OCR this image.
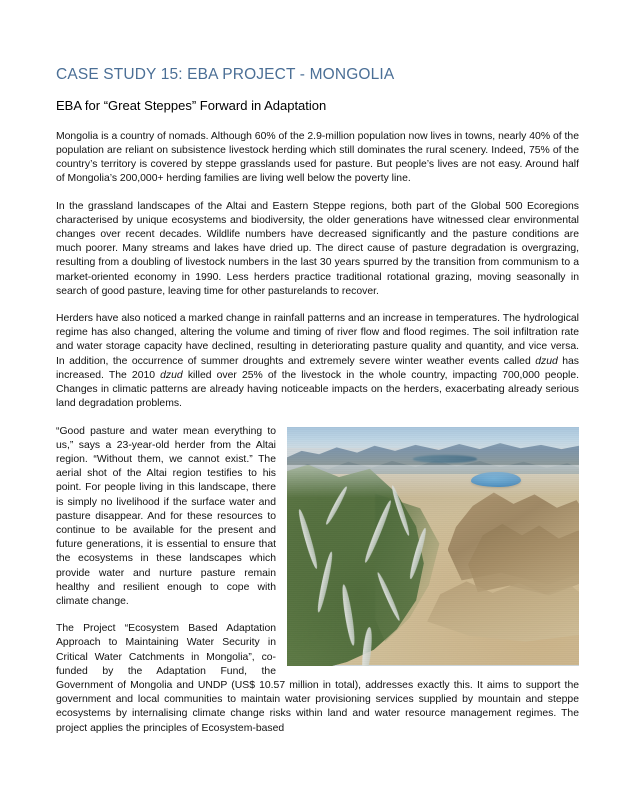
CASE STUDY 15: EBA PROJECT - MONGOLIA
EBA for “Great Steppes” Forward in Adaptation

Mongolia is a country of nomads. Although 60% of the 2.9-million population now lives in towns, nearly 40% of the population are reliant on subsistence livestock herding which still dominates the rural scenery. Indeed, 75% of the country’s territory is covered by steppe grasslands used for pasture. But people’s lives are not easy. Around half of Mongolia’s 200,000+ herding families are living well below the poverty line.

In the grassland landscapes of the Altai and Eastern Steppe regions, both part of the Global 500 Ecoregions characterised by unique ecosystems and biodiversity, the older generations have witnessed clear environmental changes over recent decades. Wildlife numbers have decreased significantly and the pasture conditions are much poorer. Many streams and lakes have dried up. The direct cause of pasture degradation is overgrazing, resulting from a doubling of livestock numbers in the last 30 years spurred by the transition from communism to a market-oriented economy in 1990. Less herders practice traditional rotational grazing, moving seasonally in search of good pasture, leaving time for other pasturelands to recover.

Herders have also noticed a marked change in rainfall patterns and an increase in temperatures. The hydrological regime has also changed, altering the volume and timing of river flow and flood regimes. The soil infiltration rate and water storage capacity have declined, resulting in deteriorating pasture quality and quantity, and vice versa. In addition, the occurrence of summer droughts and extremely severe winter weather events called dzud has increased. The 2010 dzud killed over 25% of the livestock in the whole country, impacting 700,000 people. Changes in climatic patterns are already having noticeable impacts on the herders, exacerbating already serious land degradation problems.

“Good pasture and water mean everything to us,” says a 23-year-old herder from the Altai region. “Without them, we cannot exist.” The aerial shot of the Altai region testifies to his point. For people living in this landscape, there is simply no livelihood if the surface water and pasture disappear. And for these resources to continue to be available for the present and future generations, it is essential to ensure that the ecosystems in these landscapes which provide water and nurture pasture remain healthy and resilient enough to cope with climate change.

The Project “Ecosystem Based Adaptation Approach to Maintaining Water Security in Critical Water Catchments in Mongolia”, co-funded by the Adaptation Fund, the Government of Mongolia and UNDP (US$ 10.57 million in total), addresses exactly this. It aims to support the government and local communities to maintain water provisioning services supplied by mountain and steppe ecosystems by internalising climate change risks within land and water resource management regimes. The project applies the principles of Ecosystem-based
